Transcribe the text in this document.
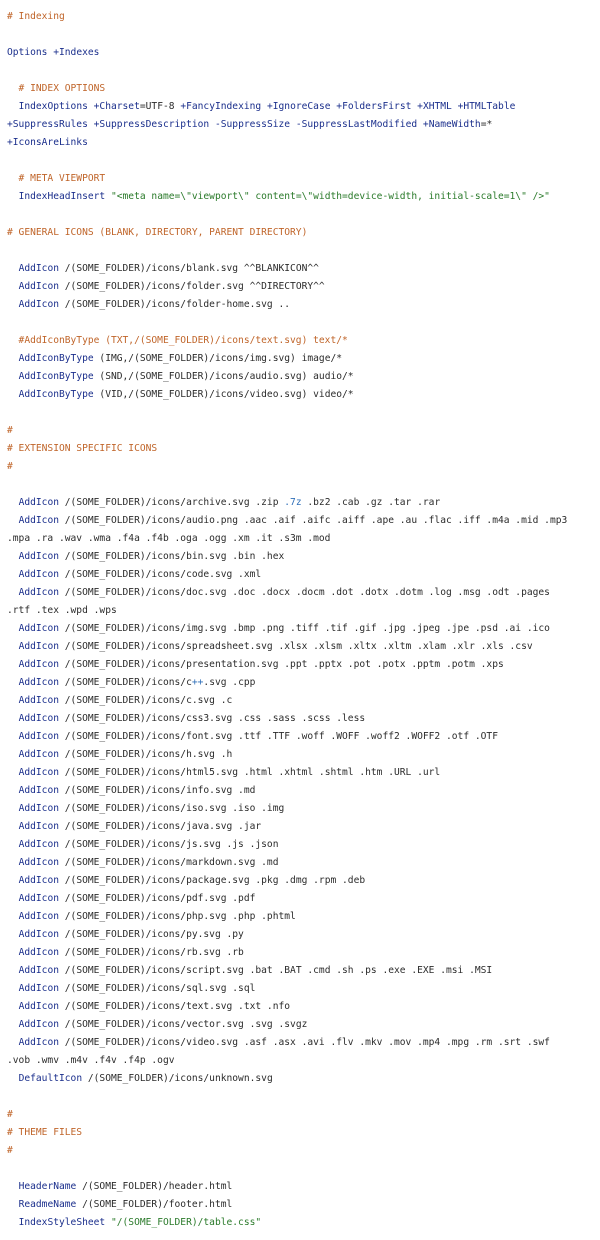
# Indexing

Options +Indexes

# INDEX OPTIONS
IndexOptions +Charset=UTF-8 +FancyIndexing +IgnoreCase +FoldersFirst +XHTML +HTMLTable
+SuppressRules +SuppressDescription -SuppressSize -SuppressLastModified +NameWidth=*
+IconsAreLinks

# META VIEWPORT
IndexHeadInsert "<meta name=\"viewport\" content=\"width=device-width, initial-scale=1\" />"

# GENERAL ICONS (BLANK, DIRECTORY, PARENT DIRECTORY)

AddIcon /(SOME_FOLDER)/icons/blank.svg ^^BLANKICON^^
AddIcon /(SOME_FOLDER)/icons/folder.svg ^^DIRECTORY^^
AddIcon /(SOME_FOLDER)/icons/folder-home.svg ..

#AddIconByType (TXT,/(SOME_FOLDER)/icons/text.svg) text/*
AddIconByType (IMG,/(SOME_FOLDER)/icons/img.svg) image/*
AddIconByType (SND,/(SOME_FOLDER)/icons/audio.svg) audio/*
AddIconByType (VID,/(SOME_FOLDER)/icons/video.svg) video/*

#
# EXTENSION SPECIFIC ICONS
#

AddIcon /(SOME_FOLDER)/icons/archive.svg .zip .7z .bz2 .cab .gz .tar .rar
AddIcon /(SOME_FOLDER)/icons/audio.png .aac .aif .aifc .aiff .ape .au .flac .iff .m4a .mid .mp3
.mpa .ra .wav .wma .f4a .f4b .oga .ogg .xm .it .s3m .mod
AddIcon /(SOME_FOLDER)/icons/bin.svg .bin .hex
AddIcon /(SOME_FOLDER)/icons/code.svg .xml
AddIcon /(SOME_FOLDER)/icons/doc.svg .doc .docx .docm .dot .dotx .dotm .log .msg .odt .pages
.rtf .tex .wpd .wps
AddIcon /(SOME_FOLDER)/icons/img.svg .bmp .png .tiff .tif .gif .jpg .jpeg .jpe .psd .ai .ico
AddIcon /(SOME_FOLDER)/icons/spreadsheet.svg .xlsx .xlsm .xltx .xltm .xlam .xlr .xls .csv
AddIcon /(SOME_FOLDER)/icons/presentation.svg .ppt .pptx .pot .potx .pptm .potm .xps
AddIcon /(SOME_FOLDER)/icons/c++.svg .cpp
AddIcon /(SOME_FOLDER)/icons/c.svg .c
AddIcon /(SOME_FOLDER)/icons/css3.svg .css .sass .scss .less
AddIcon /(SOME_FOLDER)/icons/font.svg .ttf .TTF .woff .WOFF .woff2 .WOFF2 .otf .OTF
AddIcon /(SOME_FOLDER)/icons/h.svg .h
AddIcon /(SOME_FOLDER)/icons/html5.svg .html .xhtml .shtml .htm .URL .url
AddIcon /(SOME_FOLDER)/icons/info.svg .md
AddIcon /(SOME_FOLDER)/icons/iso.svg .iso .img
AddIcon /(SOME_FOLDER)/icons/java.svg .jar
AddIcon /(SOME_FOLDER)/icons/js.svg .js .json
AddIcon /(SOME_FOLDER)/icons/markdown.svg .md
AddIcon /(SOME_FOLDER)/icons/package.svg .pkg .dmg .rpm .deb
AddIcon /(SOME_FOLDER)/icons/pdf.svg .pdf
AddIcon /(SOME_FOLDER)/icons/php.svg .php .phtml
AddIcon /(SOME_FOLDER)/icons/py.svg .py
AddIcon /(SOME_FOLDER)/icons/rb.svg .rb
AddIcon /(SOME_FOLDER)/icons/script.svg .bat .BAT .cmd .sh .ps .exe .EXE .msi .MSI
AddIcon /(SOME_FOLDER)/icons/sql.svg .sql
AddIcon /(SOME_FOLDER)/icons/text.svg .txt .nfo
AddIcon /(SOME_FOLDER)/icons/vector.svg .svg .svgz
AddIcon /(SOME_FOLDER)/icons/video.svg .asf .asx .avi .flv .mkv .mov .mp4 .mpg .rm .srt .swf
.vob .wmv .m4v .f4v .f4p .ogv
DefaultIcon /(SOME_FOLDER)/icons/unknown.svg

#
# THEME FILES
#

HeaderName /(SOME_FOLDER)/header.html
ReadmeName /(SOME_FOLDER)/footer.html
IndexStyleSheet "/(SOME_FOLDER)/table.css"
